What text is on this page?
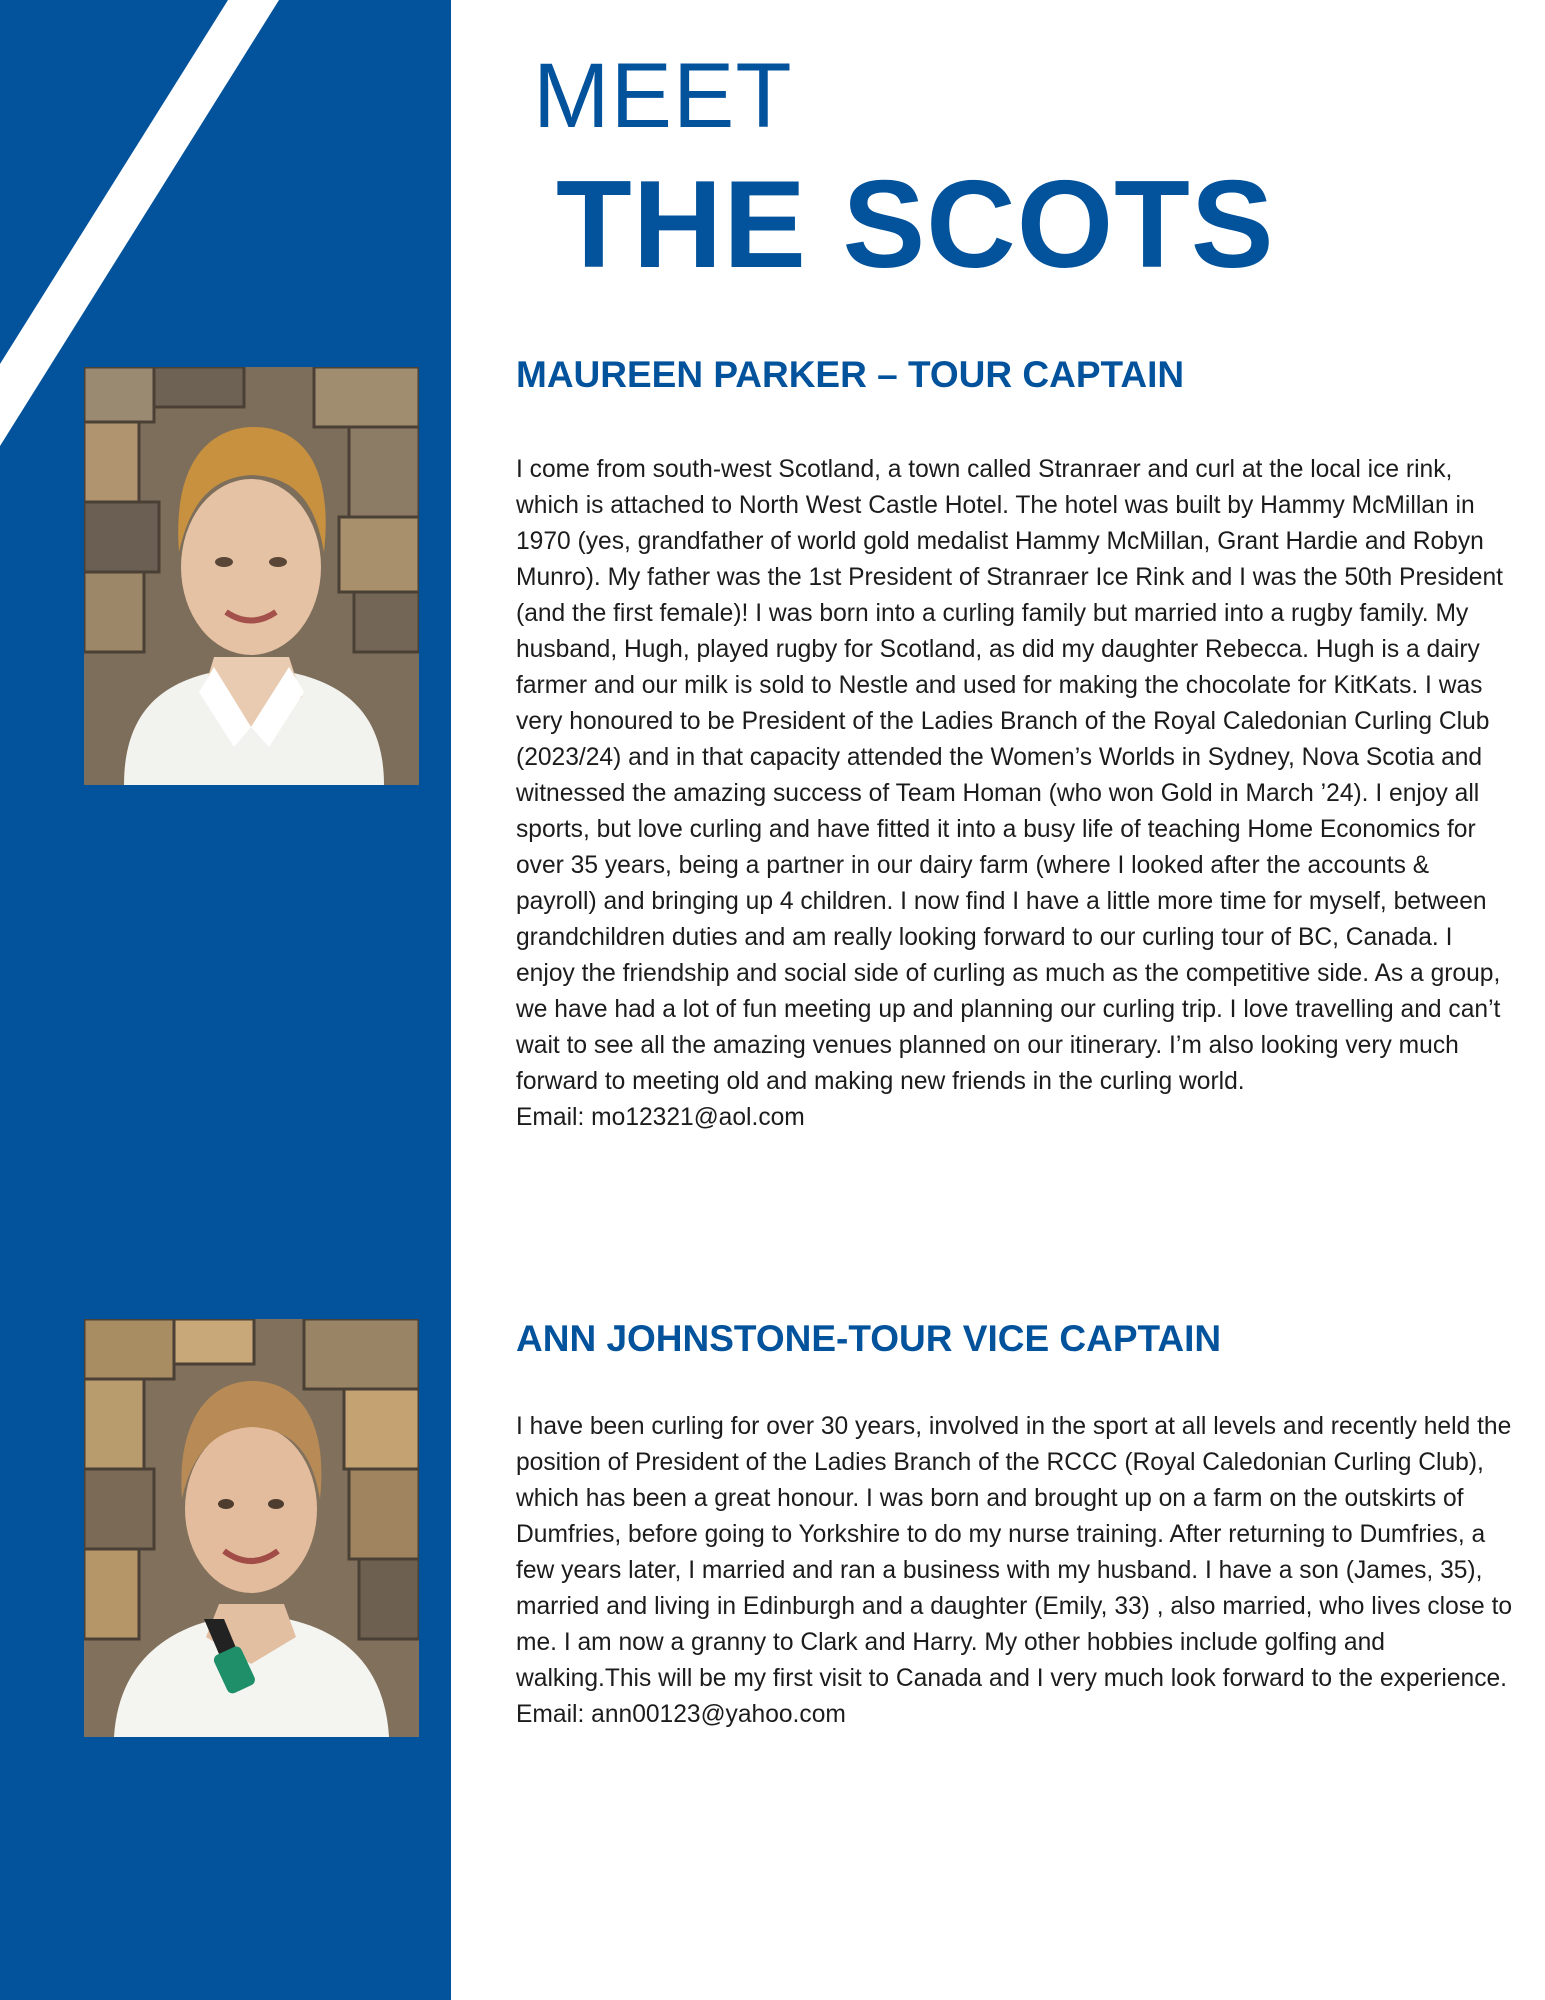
MEET
THE SCOTS
MAUREEN PARKER – TOUR CAPTAIN
I come from south-west Scotland, a town called Stranraer and curl at the local ice rink, which is attached to North West Castle Hotel. The hotel was built by Hammy McMillan in 1970 (yes, grandfather of world gold medalist Hammy McMillan, Grant Hardie and Robyn Munro). My father was the 1st President of Stranraer Ice Rink and I was the 50th President (and the first female)! I was born into a curling family but married into a rugby family. My husband, Hugh, played rugby for Scotland, as did my daughter Rebecca. Hugh is a dairy farmer and our milk is sold to Nestle and used for making the chocolate for KitKats. I was very honoured to be President of the Ladies Branch of the Royal Caledonian Curling Club (2023/24) and in that capacity attended the Women’s Worlds in Sydney, Nova Scotia and witnessed the amazing success of Team Homan (who won Gold in March ’24). I enjoy all sports, but love curling and have fitted it into a busy life of teaching Home Economics for over 35 years, being a partner in our dairy farm (where I looked after the accounts & payroll) and bringing up 4 children. I now find I have a little more time for myself, between grandchildren duties and am really looking forward to our curling tour of BC, Canada. I enjoy the friendship and social side of curling as much as the competitive side. As a group, we have had a lot of fun meeting up and planning our curling trip. I love travelling and can’t wait to see all the amazing venues planned on our itinerary. I’m also looking very much forward to meeting old and making new friends in the curling world.
Email: mo12321@aol.com
ANN JOHNSTONE-TOUR VICE CAPTAIN
I have been curling for over 30 years, involved in the sport at all levels and recently held the position of President of the Ladies Branch of the RCCC (Royal Caledonian Curling Club), which has been a great honour. I was born and brought up on a farm on the outskirts of Dumfries, before going to Yorkshire to do my nurse training. After returning to Dumfries, a few years later, I married and ran a business with my husband. I have a son (James, 35), married and living in Edinburgh and a daughter (Emily, 33) , also married, who lives close to me. I am now a granny to Clark and Harry. My other hobbies include golfing and walking.This will be my first visit to Canada and I very much look forward to the experience.
Email: ann00123@yahoo.com
